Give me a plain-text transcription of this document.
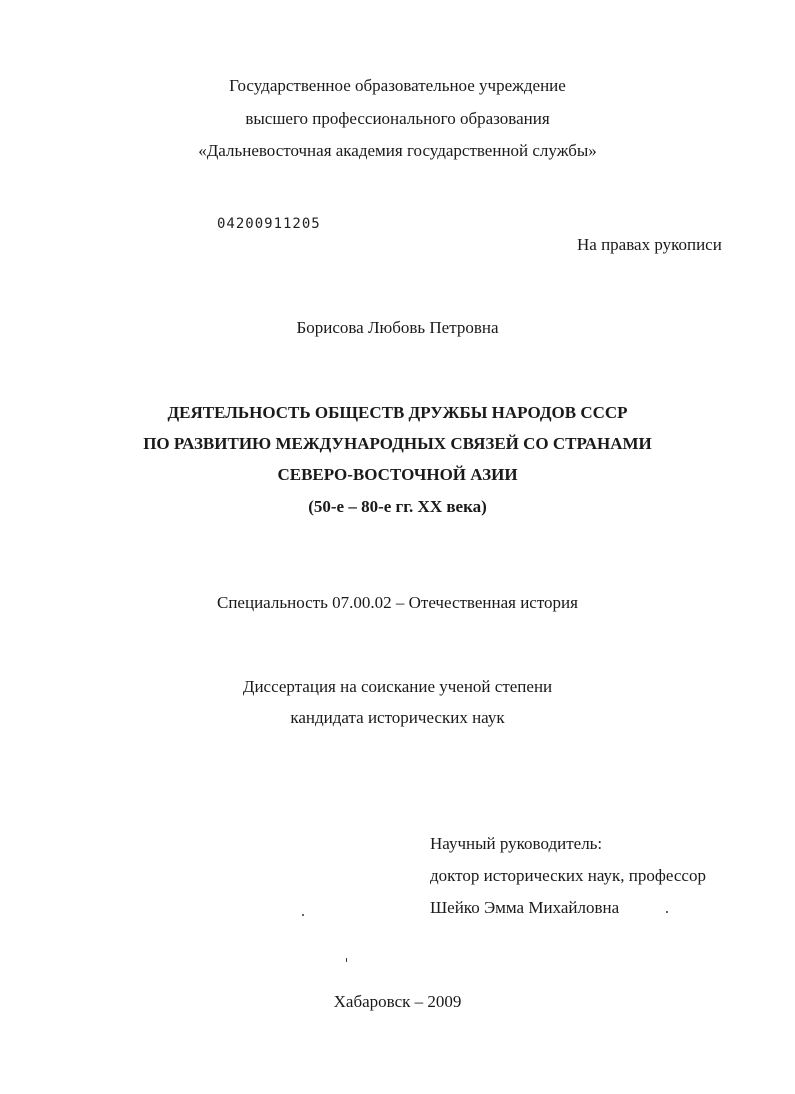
Государственное образовательное учреждение
высшего профессионального образования
«Дальневосточная академия государственной службы»
04200911205
На правах рукописи
Борисова Любовь Петровна
ДЕЯТЕЛЬНОСТЬ ОБЩЕСТВ ДРУЖБЫ НАРОДОВ СССР
ПО РАЗВИТИЮ МЕЖДУНАРОДНЫХ СВЯЗЕЙ СО СТРАНАМИ
СЕВЕРО-ВОСТОЧНОЙ АЗИИ
(50-е – 80-е гг. XX века)
Специальность 07.00.02 – Отечественная история
Диссертация на соискание ученой степени
кандидата исторических наук
Научный руководитель:
доктор исторических наук, профессор
Шейко Эмма Михайловна
Хабаровск – 2009
